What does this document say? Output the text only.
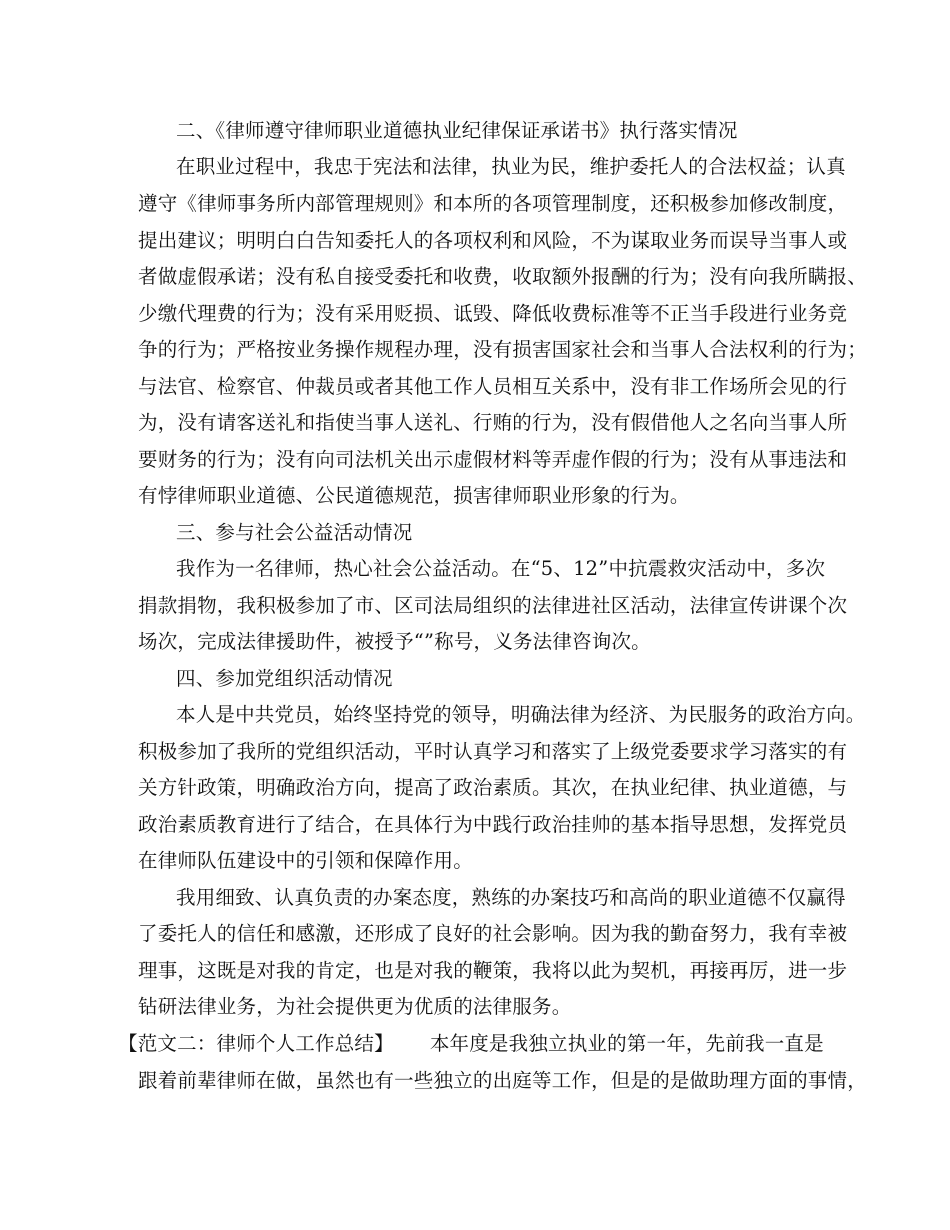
二、《律师遵守律师职业道德执业纪律保证承诺书》执行落实情况
在职业过程中，我忠于宪法和法律，执业为民，维护委托人的合法权益；认真
遵守《律师事务所内部管理规则》和本所的各项管理制度，还积极参加修改制度，
提出建议；明明白白告知委托人的各项权利和风险，不为谋取业务而误导当事人或
者做虚假承诺；没有私自接受委托和收费，收取额外报酬的行为；没有向我所瞒报、
少缴代理费的行为；没有采用贬损、诋毁、降低收费标准等不正当手段进行业务竞
争的行为；严格按业务操作规程办理，没有损害国家社会和当事人合法权利的行为；
与法官、检察官、仲裁员或者其他工作人员相互关系中，没有非工作场所会见的行
为，没有请客送礼和指使当事人送礼、行贿的行为，没有假借他人之名向当事人所
要财务的行为；没有向司法机关出示虚假材料等弄虚作假的行为；没有从事违法和
有悖律师职业道德、公民道德规范，损害律师职业形象的行为。
三、参与社会公益活动情况
我作为一名律师，热心社会公益活动。在“5、12”中抗震救灾活动中，多次
捐款捐物，我积极参加了市、区司法局组织的法律进社区活动，法律宣传讲课个次
场次，完成法律援助件，被授予“”称号，义务法律咨询次。
四、参加党组织活动情况
本人是中共党员，始终坚持党的领导，明确法律为经济、为民服务的政治方向。
积极参加了我所的党组织活动，平时认真学习和落实了上级党委要求学习落实的有
关方针政策，明确政治方向，提高了政治素质。其次，在执业纪律、执业道德，与
政治素质教育进行了结合，在具体行为中践行政治挂帅的基本指导思想，发挥党员
在律师队伍建设中的引领和保障作用。
我用细致、认真负责的办案态度，熟练的办案技巧和高尚的职业道德不仅赢得
了委托人的信任和感激，还形成了良好的社会影响。因为我的勤奋努力，我有幸被
理事，这既是对我的肯定，也是对我的鞭策，我将以此为契机，再接再厉，进一步
钻研法律业务，为社会提供更为优质的法律服务。
【范文二：律师个人工作总结】 本年度是我独立执业的第一年，先前我一直是
跟着前辈律师在做，虽然也有一些独立的出庭等工作，但是的是做助理方面的事情，
